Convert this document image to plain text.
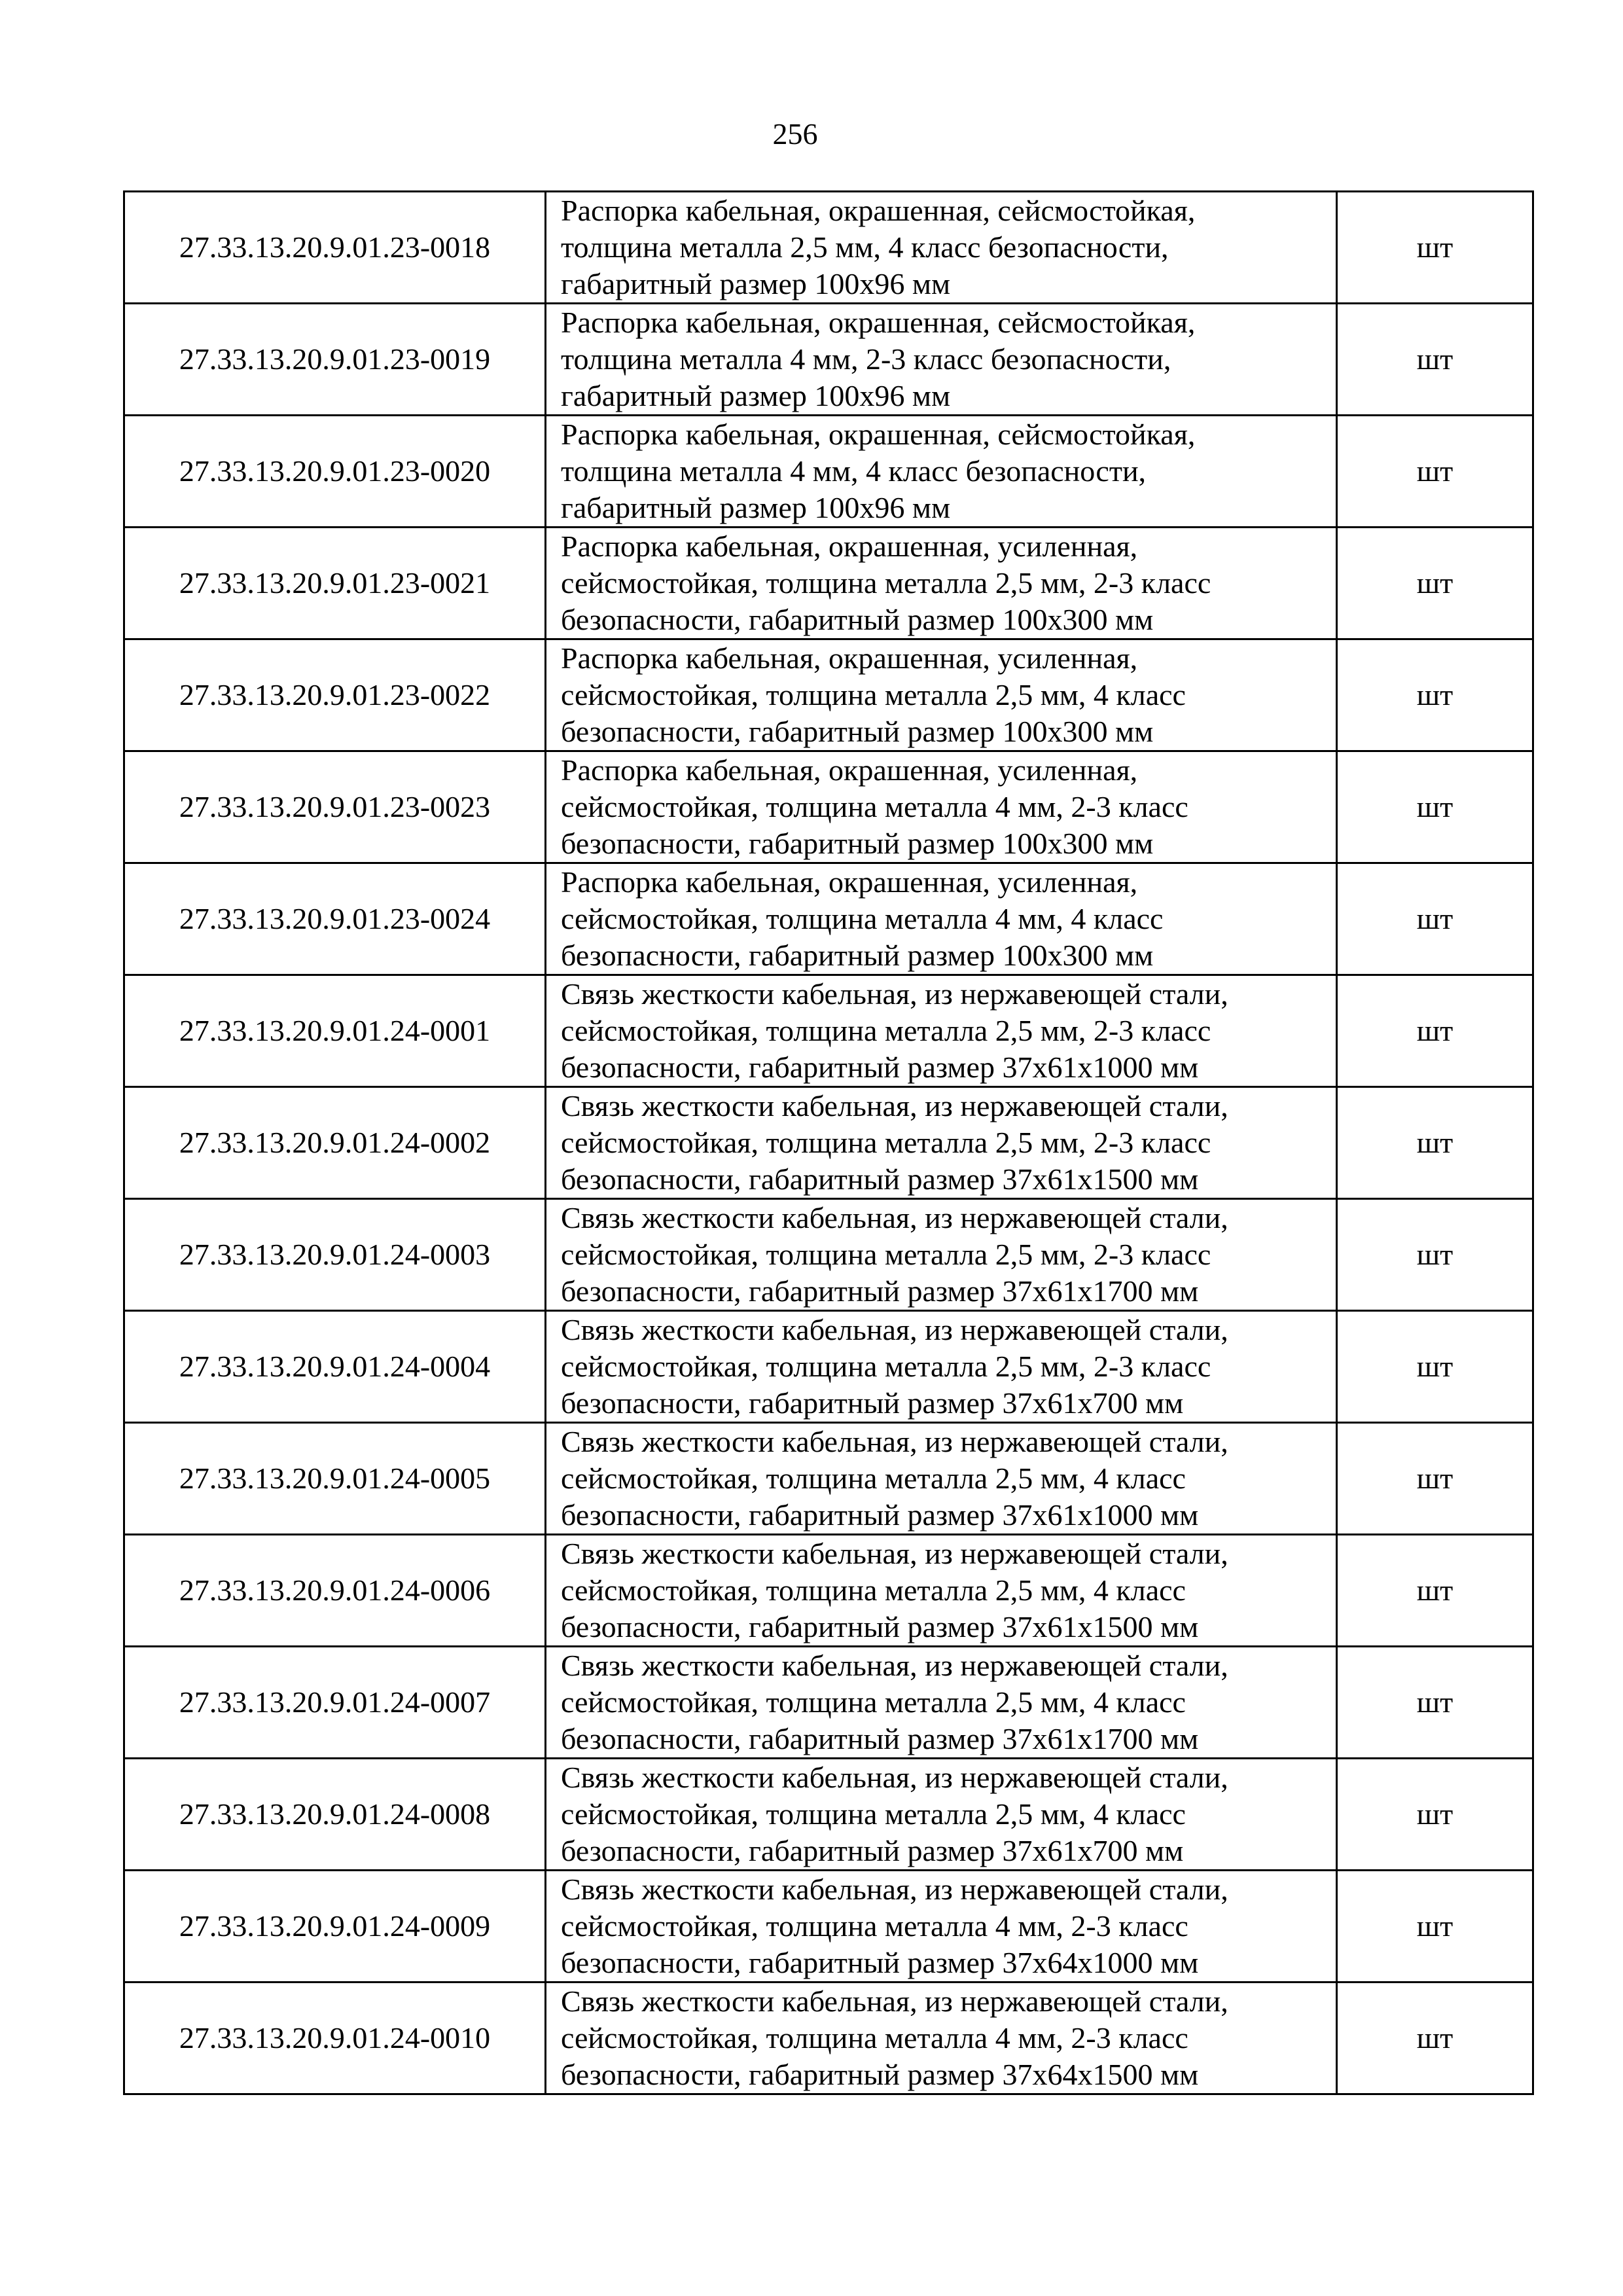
256
27.33.13.20.9.01.23-0018	Распорка кабельная, окрашенная, сейсмостойкая,
толщина металла 2,5 мм, 4 класс безопасности,
габаритный размер 100x96 мм	шт
27.33.13.20.9.01.23-0019	Распорка кабельная, окрашенная, сейсмостойкая,
толщина металла 4 мм, 2-3 класс безопасности,
габаритный размер 100x96 мм	шт
27.33.13.20.9.01.23-0020	Распорка кабельная, окрашенная, сейсмостойкая,
толщина металла 4 мм, 4 класс безопасности,
габаритный размер 100x96 мм	шт
27.33.13.20.9.01.23-0021	Распорка кабельная, окрашенная, усиленная,
сейсмостойкая, толщина металла 2,5 мм, 2-3 класс
безопасности, габаритный размер 100x300 мм	шт
27.33.13.20.9.01.23-0022	Распорка кабельная, окрашенная, усиленная,
сейсмостойкая, толщина металла 2,5 мм, 4 класс
безопасности, габаритный размер 100x300 мм	шт
27.33.13.20.9.01.23-0023	Распорка кабельная, окрашенная, усиленная,
сейсмостойкая, толщина металла 4 мм, 2-3 класс
безопасности, габаритный размер 100x300 мм	шт
27.33.13.20.9.01.23-0024	Распорка кабельная, окрашенная, усиленная,
сейсмостойкая, толщина металла 4 мм, 4 класс
безопасности, габаритный размер 100x300 мм	шт
27.33.13.20.9.01.24-0001	Связь жесткости кабельная, из нержавеющей стали,
сейсмостойкая, толщина металла 2,5 мм, 2-3 класс
безопасности, габаритный размер 37x61x1000 мм	шт
27.33.13.20.9.01.24-0002	Связь жесткости кабельная, из нержавеющей стали,
сейсмостойкая, толщина металла 2,5 мм, 2-3 класс
безопасности, габаритный размер 37x61x1500 мм	шт
27.33.13.20.9.01.24-0003	Связь жесткости кабельная, из нержавеющей стали,
сейсмостойкая, толщина металла 2,5 мм, 2-3 класс
безопасности, габаритный размер 37x61x1700 мм	шт
27.33.13.20.9.01.24-0004	Связь жесткости кабельная, из нержавеющей стали,
сейсмостойкая, толщина металла 2,5 мм, 2-3 класс
безопасности, габаритный размер 37x61x700 мм	шт
27.33.13.20.9.01.24-0005	Связь жесткости кабельная, из нержавеющей стали,
сейсмостойкая, толщина металла 2,5 мм, 4 класс
безопасности, габаритный размер 37x61x1000 мм	шт
27.33.13.20.9.01.24-0006	Связь жесткости кабельная, из нержавеющей стали,
сейсмостойкая, толщина металла 2,5 мм, 4 класс
безопасности, габаритный размер 37x61x1500 мм	шт
27.33.13.20.9.01.24-0007	Связь жесткости кабельная, из нержавеющей стали,
сейсмостойкая, толщина металла 2,5 мм, 4 класс
безопасности, габаритный размер 37x61x1700 мм	шт
27.33.13.20.9.01.24-0008	Связь жесткости кабельная, из нержавеющей стали,
сейсмостойкая, толщина металла 2,5 мм, 4 класс
безопасности, габаритный размер 37x61x700 мм	шт
27.33.13.20.9.01.24-0009	Связь жесткости кабельная, из нержавеющей стали,
сейсмостойкая, толщина металла 4 мм, 2-3 класс
безопасности, габаритный размер 37x64x1000 мм	шт
27.33.13.20.9.01.24-0010	Связь жесткости кабельная, из нержавеющей стали,
сейсмостойкая, толщина металла 4 мм, 2-3 класс
безопасности, габаритный размер 37x64x1500 мм	шт
